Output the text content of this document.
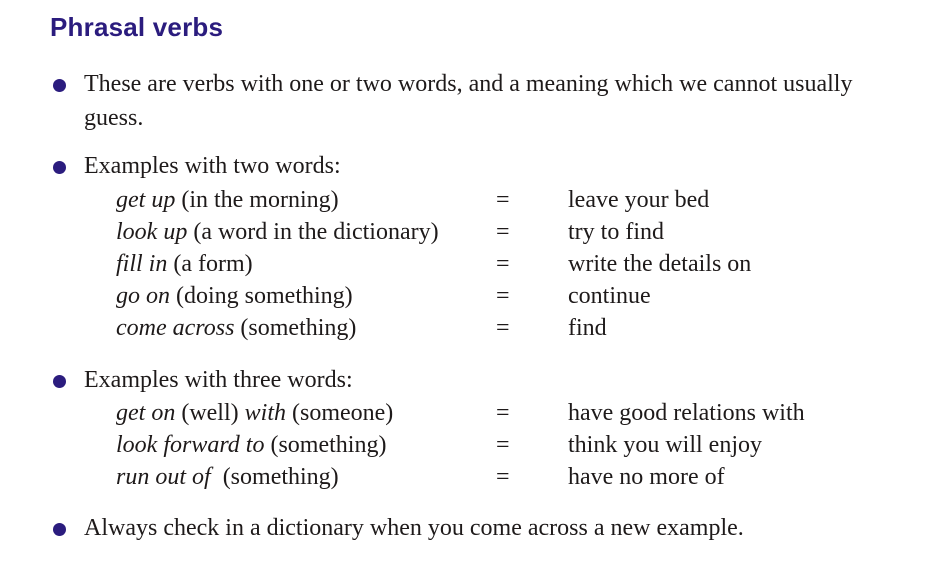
Phrasal verbs
These are verbs with one or two words, and a meaning which we cannot usually
guess.
Examples with two words:
get up (in the morning)	= leave your bed
look up (a word in the dictionary) = try to find
fill in (a form)	= write the details on
go on (doing something)	= continue
come across (something)	= find
Examples with three words:
get on (well) with (someone)	= have good relations with
look forward to (something)	= think you will enjoy
run out of  (something)	= have no more of
Always check in a dictionary when you come across a new example.
